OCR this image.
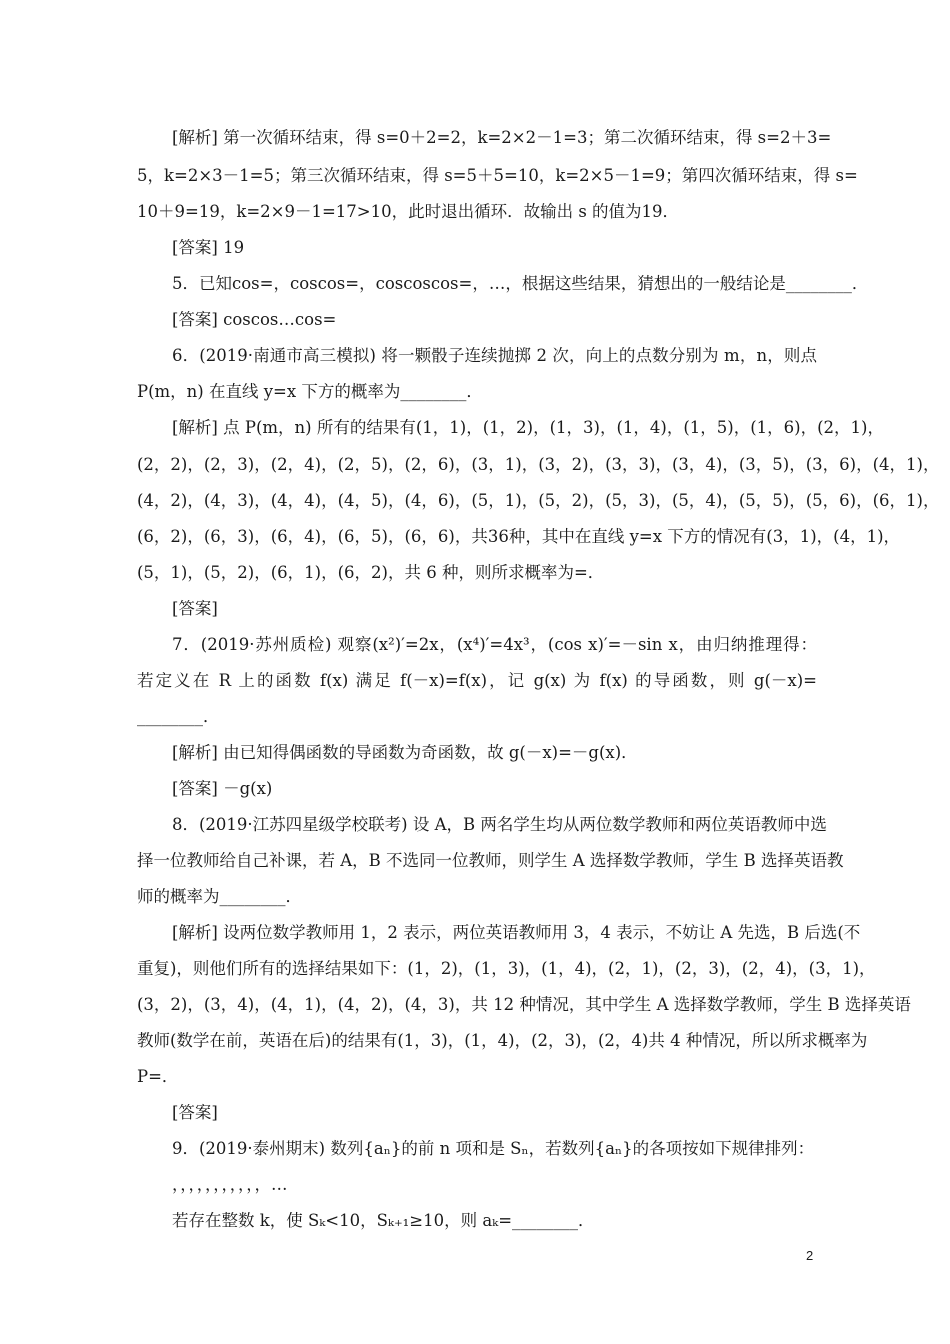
[解析] 第一次循环结束，得 s=0＋2=2，k=2×2－1=3；第二次循环结束，得 s=2＋3=
5，k=2×3－1=5；第三次循环结束，得 s=5＋5=10，k=2×5－1=9；第四次循环结束，得 s=
10＋9=19，k=2×9－1=17>10，此时退出循环．故输出 s 的值为19．
[答案] 19
5．已知cos=，coscos=，coscoscos=，…，根据这些结果，猜想出的一般结论是________．
[答案] coscos…cos=
6．(2019·南通市高三模拟) 将一颗骰子连续抛掷 2 次，向上的点数分别为 m，n，则点
P(m，n) 在直线 y=x 下方的概率为________．
[解析] 点 P(m，n) 所有的结果有(1，1)，(1，2)，(1，3)，(1，4)，(1，5)，(1，6)，(2，1)，
(2，2)，(2，3)，(2，4)，(2，5)，(2，6)，(3，1)，(3，2)，(3，3)，(3，4)，(3，5)，(3，6)，(4，1)，
(4，2)，(4，3)，(4，4)，(4，5)，(4，6)，(5，1)，(5，2)，(5，3)，(5，4)，(5，5)，(5，6)，(6，1)，
(6，2)，(6，3)，(6，4)，(6，5)，(6，6)，共36种，其中在直线 y=x 下方的情况有(3，1)，(4，1)，
(5，1)，(5，2)，(6，1)，(6，2)，共 6 种，则所求概率为=．
[答案]
7．(2019·苏州质检) 观察(x²)′=2x，(x⁴)′=4x³，(cos x)′=－sin x，由归纳推理得：
若定义在 R 上的函数 f(x) 满足 f(－x)=f(x)，记 g(x) 为 f(x) 的导函数，则 g(－x)=
________．
[解析] 由已知得偶函数的导函数为奇函数，故 g(－x)=－g(x)．
[答案] －g(x)
8．(2019·江苏四星级学校联考) 设 A，B 两名学生均从两位数学教师和两位英语教师中选
择一位教师给自己补课，若 A，B 不选同一位教师，则学生 A 选择数学教师，学生 B 选择英语教
师的概率为________．
[解析] 设两位数学教师用 1，2 表示，两位英语教师用 3，4 表示，不妨让 A 先选，B 后选(不
重复)，则他们所有的选择结果如下：(1，2)，(1，3)，(1，4)，(2，1)，(2，3)，(2，4)，(3，1)，
(3，2)，(3，4)，(4，1)，(4，2)，(4，3)，共 12 种情况，其中学生 A 选择数学教师，学生 B 选择英语
教师(数学在前，英语在后)的结果有(1，3)，(1，4)，(2，3)，(2，4)共 4 种情况，所以所求概率为
P=．
[答案]
9．(2019·泰州期末) 数列{aₙ}的前 n 项和是 Sₙ，若数列{aₙ}的各项按如下规律排列：
，，，，，，，，，，，…
若存在整数 k，使 Sₖ<10，Sₖ₊₁≥10，则 aₖ=________．
2
